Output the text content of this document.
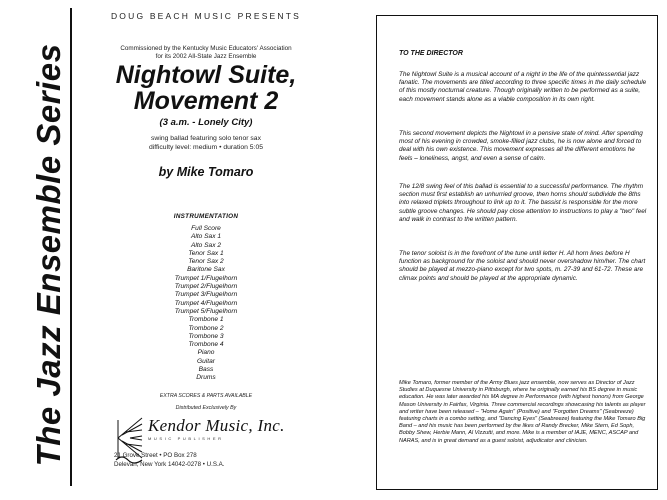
The Jazz Ensemble Series
DOUG BEACH MUSIC PRESENTS
Commissioned by the Kentucky Music Educators' Association
for its 2002 All-State Jazz Ensemble
Nightowl Suite,
Movement 2
(3 a.m. - Lonely City)
swing ballad featuring solo tenor sax
difficulty level: medium • duration 5:05
by Mike Tomaro
INSTRUMENTATION
Full Score
Alto Sax 1
Alto Sax 2
Tenor Sax 1
Tenor Sax 2
Baritone Sax
Trumpet 1/Flugelhorn
Trumpet 2/Flugelhorn
Trumpet 3/Flugelhorn
Trumpet 4/Flugelhorn
Trumpet 5/Flugelhorn
Trombone 1
Trombone 2
Trombone 3
Trombone 4
Piano
Guitar
Bass
Drums
EXTRA SCORES & PARTS AVAILABLE
Distributed Exclusively By
Kendor Music, Inc.
MUSIC PUBLISHER
21 Grove Street • PO Box 278
Delevan, New York 14042-0278 • U.S.A.
TO THE DIRECTOR

The Nightowl Suite is a musical account of a night in the life of the quintessential jazz fanatic. The movements are titled according to three specific times in the daily schedule of this mostly nocturnal creature. Though originally written to be performed as a suite, each movement stands alone as a viable composition in its own right.

This second movement depicts the Nightowl in a pensive state of mind. After spending most of his evening in crowded, smoke-filled jazz clubs, he is now alone and forced to deal with his own existence. This movement expresses all the different emotions he feels – loneliness, angst, and even a sense of calm.

The 12/8 swing feel of this ballad is essential to a successful performance. The rhythm section must first establish an unhurried groove, then horns should subdivide the 8ths into relaxed triplets throughout to link up to it. The bassist is responsible for the more subtle groove changes. He should pay close attention to instructions to play a "two" feel and walk in contrast to the written pattern.

The tenor soloist is in the forefront of the tune until letter H. All horn lines before H function as background for the soloist and should never overshadow him/her. The chart should be played at mezzo-piano except for two spots, m. 27-39 and 61-72. These are climax points and should be played at the appropriate dynamic.

Mike Tomaro, former member of the Army Blues jazz ensemble, now serves as Director of Jazz Studies at Duquesne University in Pittsburgh, where he originally earned his BS degree in music education. He was later awarded his MA degree in Performance (with highest honors) from George Mason University in Fairfax, Virginia. Three commercial recordings showcasing his talents as player and writer have been released – "Home Again" (Positive) and "Forgotten Dreams" (Seabreeze) featuring charts in a combo setting, and "Dancing Eyes" (Seabreeze) featuring the Mike Tomaro Big Band – and his music has been performed by the likes of Randy Brecker, Mike Stern, Ed Soph, Bobby Shew, Herbie Mann, Al Vizzutti, and more. Mike is a member of IAJE, MENC, ASCAP and NARAS, and is in great demand as a guest soloist, adjudicator and clinician.
